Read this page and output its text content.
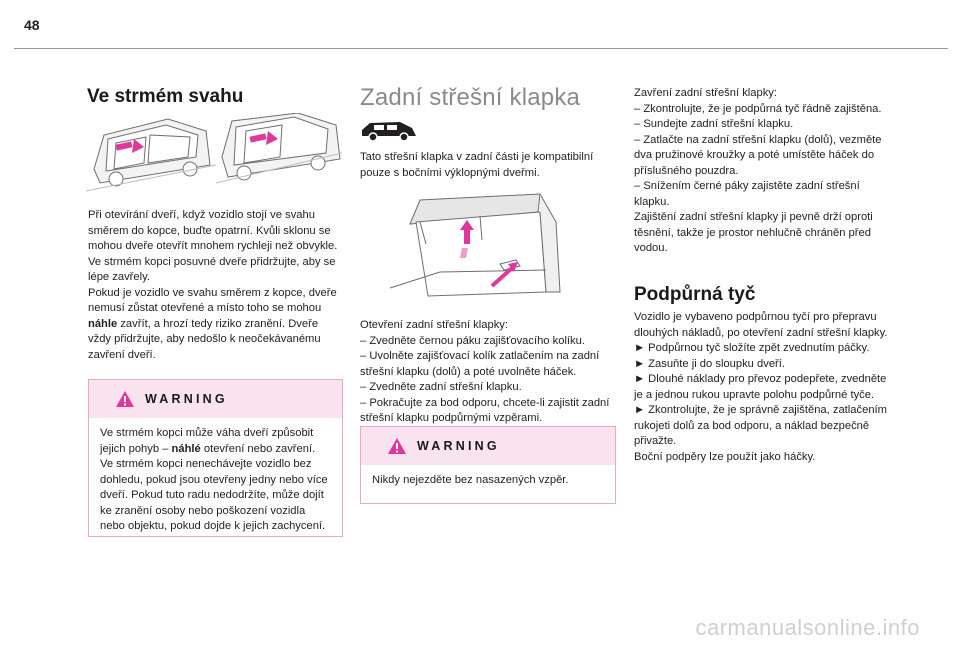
48
Ve strmém svahu
Při otevírání dveří, když vozidlo stojí ve svahu směrem do kopce, buďte opatrní. Kvůli sklonu se mohou dveře otevřít mnohem rychleji než obvykle.
Ve strmém kopci posuvné dveře přidržujte, aby se lépe zavřely.
Pokud je vozidlo ve svahu směrem z kopce, dveře nemusí zůstat otevřené a místo toho se mohou náhle zavřít, a hrozí tedy riziko zranění. Dveře vždy přidržujte, aby nedošlo k neočekávanému zavření dveří.
WARNING
Ve strmém kopci může váha dveří způsobit jejich pohyb – náhlé otevření nebo zavření. Ve strmém kopci nenechávejte vozidlo bez dohledu, pokud jsou otevřeny jedny nebo více dveří. Pokud tuto radu nedodržíte, může dojít ke zranění osoby nebo poškození vozidla nebo objektu, pokud dojde k jejich zachycení.
Zadní střešní klapka
Tato střešní klapka v zadní části je kompatibilní pouze s bočními výklopnými dveřmi.
Otevření zadní střešní klapky:
– Zvedněte černou páku zajišťovacího kolíku.
– Uvolněte zajišťovací kolík zatlačením na zadní střešní klapku (dolů) a poté uvolněte háček.
– Zvedněte zadní střešní klapku.
– Pokračujte za bod odporu, chcete-li zajistit zadní střešní klapku podpůrnými vzpěrami.
WARNING
Nikdy nejezděte bez nasazených vzpěr.
Zavření zadní střešní klapky:
– Zkontrolujte, že je podpůrná tyč řádně zajištěna.
– Sundejte zadní střešní klapku.
– Zatlačte na zadní střešní klapku (dolů), vezměte dva pružinové kroužky a poté umístěte háček do příslušného pouzdra.
– Snížením černé páky zajistěte zadní střešní klapku.
Zajištění zadní střešní klapky ji pevně drží oproti těsnění, takže je prostor nehlučně chráněn před vodou.
Podpůrná tyč
Vozidlo je vybaveno podpůrnou tyčí pro přepravu dlouhých nákladů, po otevření zadní střešní klapky.
► Podpůrnou tyč složíte zpět zvednutím páčky.
► Zasuňte ji do sloupku dveří.
► Dlouhé náklady pro převoz podepřete, zvedněte je a jednou rukou upravte polohu podpůrné tyče.
► Zkontrolujte, že je správně zajištěna, zatlačením rukojeti dolů za bod odporu, a náklad bezpečně přivažte.
Boční podpěry lze použít jako háčky.
carmanualsonline.info
